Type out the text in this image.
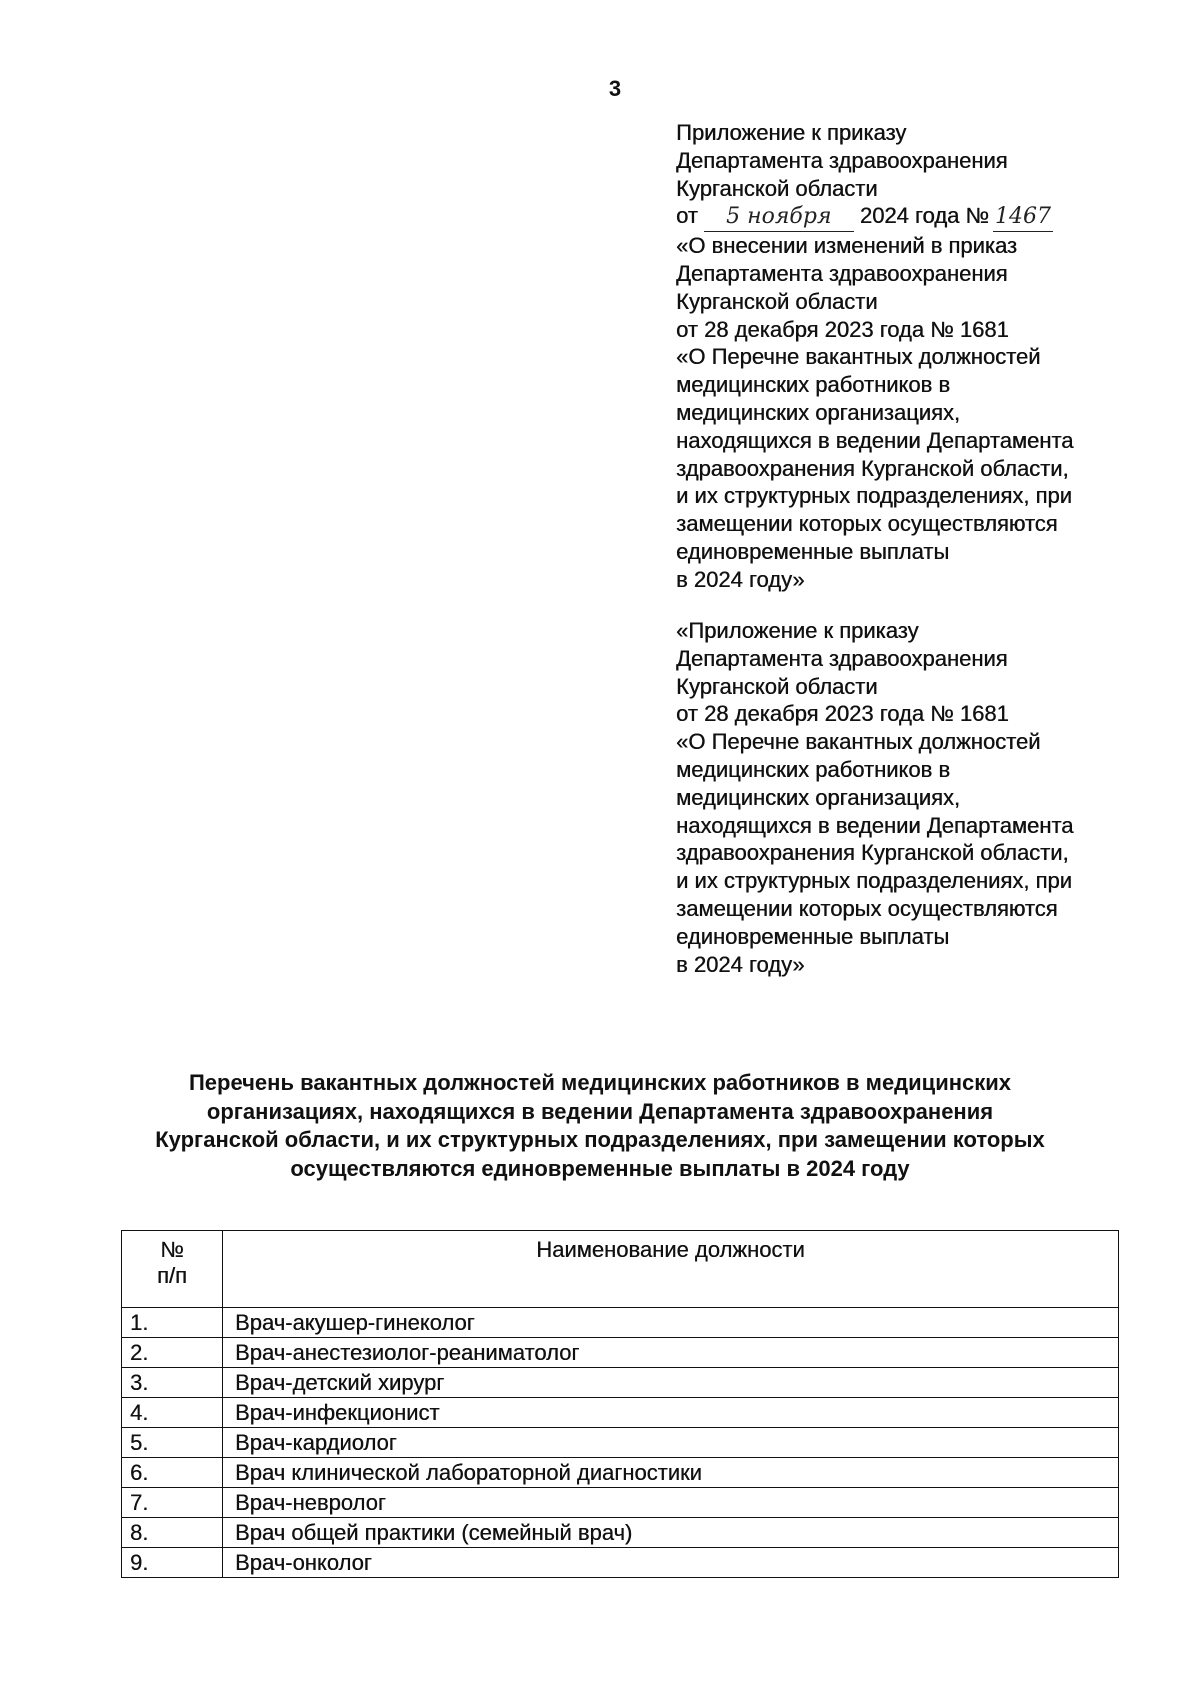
3
Приложение к приказу
Департамента здравоохранения
Курганской области
от 5 ноября 2024 года № 1467
«О внесении изменений в приказ
Департамента здравоохранения
Курганской области
от 28 декабря 2023 года № 1681
«О Перечне вакантных должностей
медицинских работников в
медицинских организациях,
находящихся в ведении Департамента
здравоохранения Курганской области,
и их структурных подразделениях, при
замещении которых осуществляются
единовременные выплаты
в 2024 году»
«Приложение к приказу
Департамента здравоохранения
Курганской области
от 28 декабря 2023 года № 1681
«О Перечне вакантных должностей
медицинских работников в
медицинских организациях,
находящихся в ведении Департамента
здравоохранения Курганской области,
и их структурных подразделениях, при
замещении которых осуществляются
единовременные выплаты
в 2024 году»
Перечень вакантных должностей медицинских работников в медицинских
организациях, находящихся в ведении Департамента здравоохранения
Курганской области, и их структурных подразделениях, при замещении которых
осуществляются единовременные выплаты в 2024 году
№
п/п	Наименование должности
1.	Врач-акушер-гинеколог
2.	Врач-анестезиолог-реаниматолог
3.	Врач-детский хирург
4.	Врач-инфекционист
5.	Врач-кардиолог
6.	Врач клинической лабораторной диагностики
7.	Врач-невролог
8.	Врач общей практики (семейный врач)
9.	Врач-онколог
